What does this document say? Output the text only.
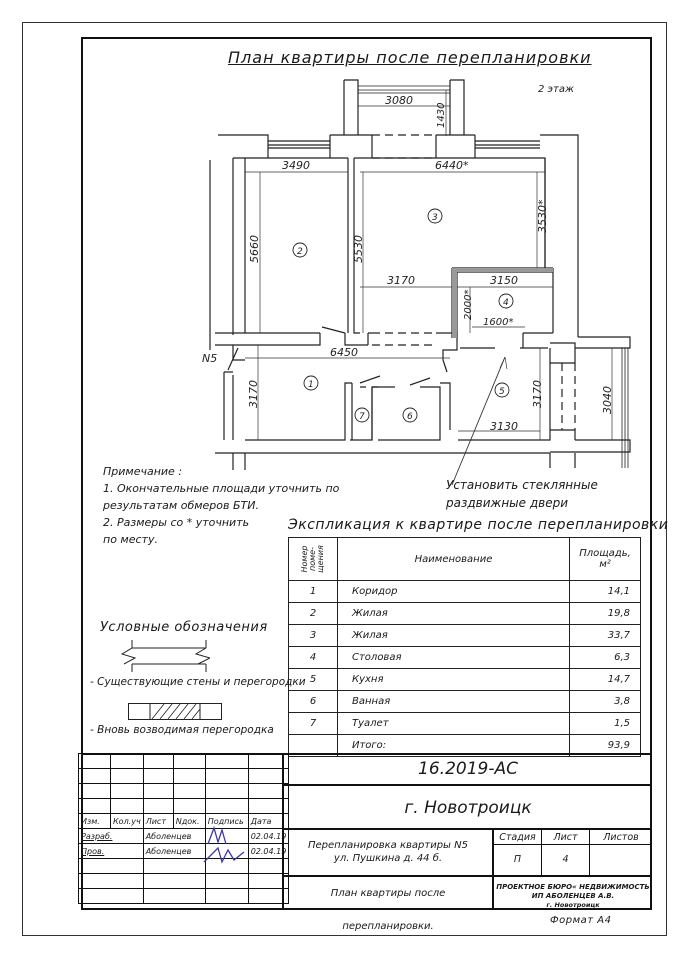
План квартиры после перепланировки
2 этаж
3080
1430
3490	6440*
5660	5530
3530*
3170	3150
2000*
1600*
6450
3170	3170
3130
3040
N5
1
2
3
4
5
6
7
Установить стеклянные
раздвижные двери
Примечание :
1. Окончательные площади уточнить по
результатам обмеров БТИ.
2. Размеры со * уточнить
по месту.
Экспликация к квартире после перепланировки
Номер
поме-
щения	Наименование	Площадь,
м²
1	Коридор	14,1
2	Жилая	19,8
3	Жилая	33,7
4	Столовая	6,3
5	Кухня	14,7
6	Ванная	3,8
7	Туалет	1,5
	Итого:	93,9
Условные обозначения
- Существующие стены и перегородки
- Вновь возводимая перегородка

Изм.	Кол.уч	Лист	Nдок.	Подпись	Дата
Разраб.		Аболенцев			02.04.19
Пров.		Аболенцев			02.04.19

16.2019-АС
г. Новотроицк
Перепланировка квартиры N5
ул. Пушкина д. 44 б.
Стадия	Лист	Листов
П	4
План квартиры после перепланировки.
ПРОЕКТНОЕ БЮРО« НЕДВИЖИМОСТЬ
ИП АБОЛЕНЦЕВ А.В.
г. Новотроицк
Формат А4
